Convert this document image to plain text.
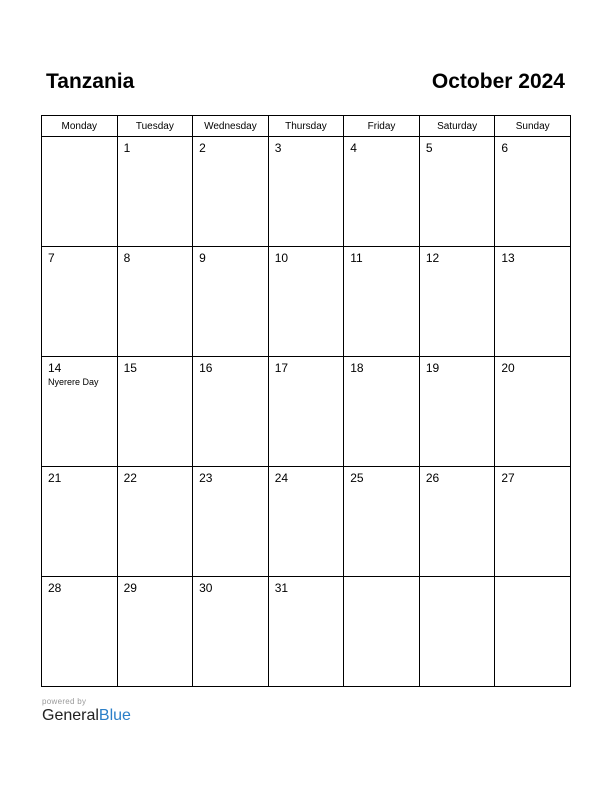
Tanzania	October 2024
Monday	Tuesday	Wednesday	Thursday	Friday	Saturday	Sunday

	1	2	3	4	5	6

7	8	9	10	11	12	13

14
Nyerere Day	15	16	17	18	19	20

21	22	23	24	25	26	27

28	29	30	31			

powered by
GeneralBlue
